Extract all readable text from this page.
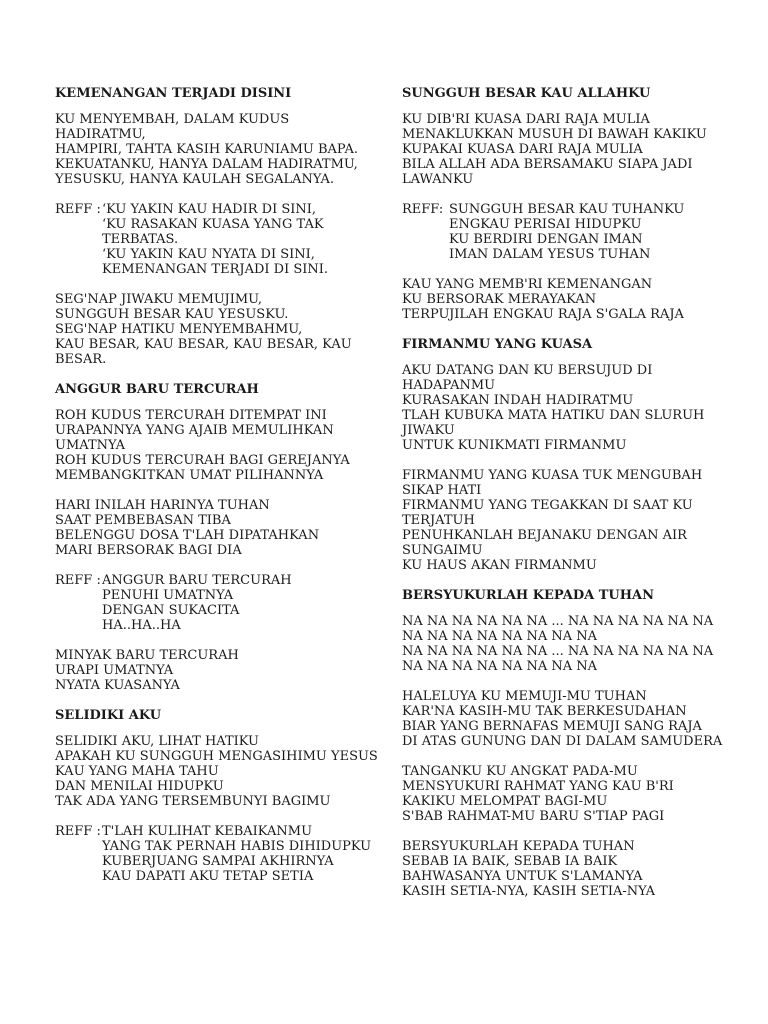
KEMENANGAN TERJADI DISINI
KU MENYEMBAH, DALAM KUDUS
HADIRATMU,
HAMPIRI, TAHTA KASIH KARUNIAMU BAPA.
KEKUATANKU, HANYA DALAM HADIRATMU,
YESUSKU, HANYA KAULAH SEGALANYA.
REFF : ‘KU YAKIN KAU HADIR DI SINI,
‘KU RASAKAN KUASA YANG TAK
TERBATAS.
‘KU YAKIN KAU NYATA DI SINI,
KEMENANGAN TERJADI DI SINI.
SEG'NAP JIWAKU MEMUJIMU,
SUNGGUH BESAR KAU YESUSKU.
SEG'NAP HATIKU MENYEMBAHMU,
KAU BESAR, KAU BESAR, KAU BESAR, KAU
BESAR.
ANGGUR BARU TERCURAH
ROH KUDUS TERCURAH DITEMPAT INI
URAPANNYA YANG AJAIB MEMULIHKAN
UMATNYA
ROH KUDUS TERCURAH BAGI GEREJANYA
MEMBANGKITKAN UMAT PILIHANNYA
HARI INILAH HARINYA TUHAN
SAAT PEMBEBASAN TIBA
BELENGGU DOSA T'LAH DIPATAHKAN
MARI BERSORAK BAGI DIA
REFF : ANGGUR BARU TERCURAH
PENUHI UMATNYA
DENGAN SUKACITA
HA..HA..HA
MINYAK BARU TERCURAH
URAPI UMATNYA
NYATA KUASANYA
SELIDIKI AKU
SELIDIKI AKU, LIHAT HATIKU
APAKAH KU SUNGGUH MENGASIHIMU YESUS
KAU YANG MAHA TAHU
DAN MENILAI HIDUPKU
TAK ADA YANG TERSEMBUNYI BAGIMU
REFF : T'LAH KULIHAT KEBAIKANMU
YANG TAK PERNAH HABIS DIHIDUPKU
KUBERJUANG SAMPAI AKHIRNYA
KAU DAPATI AKU TETAP SETIA
SUNGGUH BESAR KAU ALLAHKU
KU DIB'RI KUASA DARI RAJA MULIA
MENAKLUKKAN MUSUH DI BAWAH KAKIKU
KUPAKAI KUASA DARI RAJA MULIA
BILA ALLAH ADA BERSAMAKU SIAPA JADI
LAWANKU
REFF: SUNGGUH BESAR KAU TUHANKU
ENGKAU PERISAI HIDUPKU
KU BERDIRI DENGAN IMAN
IMAN DALAM YESUS TUHAN
KAU YANG MEMB'RI KEMENANGAN
KU BERSORAK MERAYAKAN
TERPUJILAH ENGKAU RAJA S'GALA RAJA
FIRMANMU YANG KUASA
AKU DATANG DAN KU BERSUJUD DI
HADAPANMU
KURASAKAN INDAH HADIRATMU
TLAH KUBUKA MATA HATIKU DAN SLURUH
JIWAKU
UNTUK KUNIKMATI FIRMANMU
FIRMANMU YANG KUASA TUK MENGUBAH
SIKAP HATI
FIRMANMU YANG TEGAKKAN DI SAAT KU
TERJATUH
PENUHKANLAH BEJANAKU DENGAN AIR
SUNGAIMU
KU HAUS AKAN FIRMANMU
BERSYUKURLAH KEPADA TUHAN
NA NA NA NA NA NA ... NA NA NA NA NA NA
NA NA NA NA NA NA NA NA
NA NA NA NA NA NA ... NA NA NA NA NA NA
NA NA NA NA NA NA NA NA
HALELUYA KU MEMUJI-MU TUHAN
KAR'NA KASIH-MU TAK BERKESUDAHAN
BIAR YANG BERNAFAS MEMUJI SANG RAJA
DI ATAS GUNUNG DAN DI DALAM SAMUDERA
TANGANKU KU ANGKAT PADA-MU
MENSYUKURI RAHMAT YANG KAU B'RI
KAKIKU MELOMPAT BAGI-MU
S'BAB RAHMAT-MU BARU S'TIAP PAGI
BERSYUKURLAH KEPADA TUHAN
SEBAB IA BAIK, SEBAB IA BAIK
BAHWASANYA UNTUK S'LAMANYA
KASIH SETIA-NYA, KASIH SETIA-NYA
